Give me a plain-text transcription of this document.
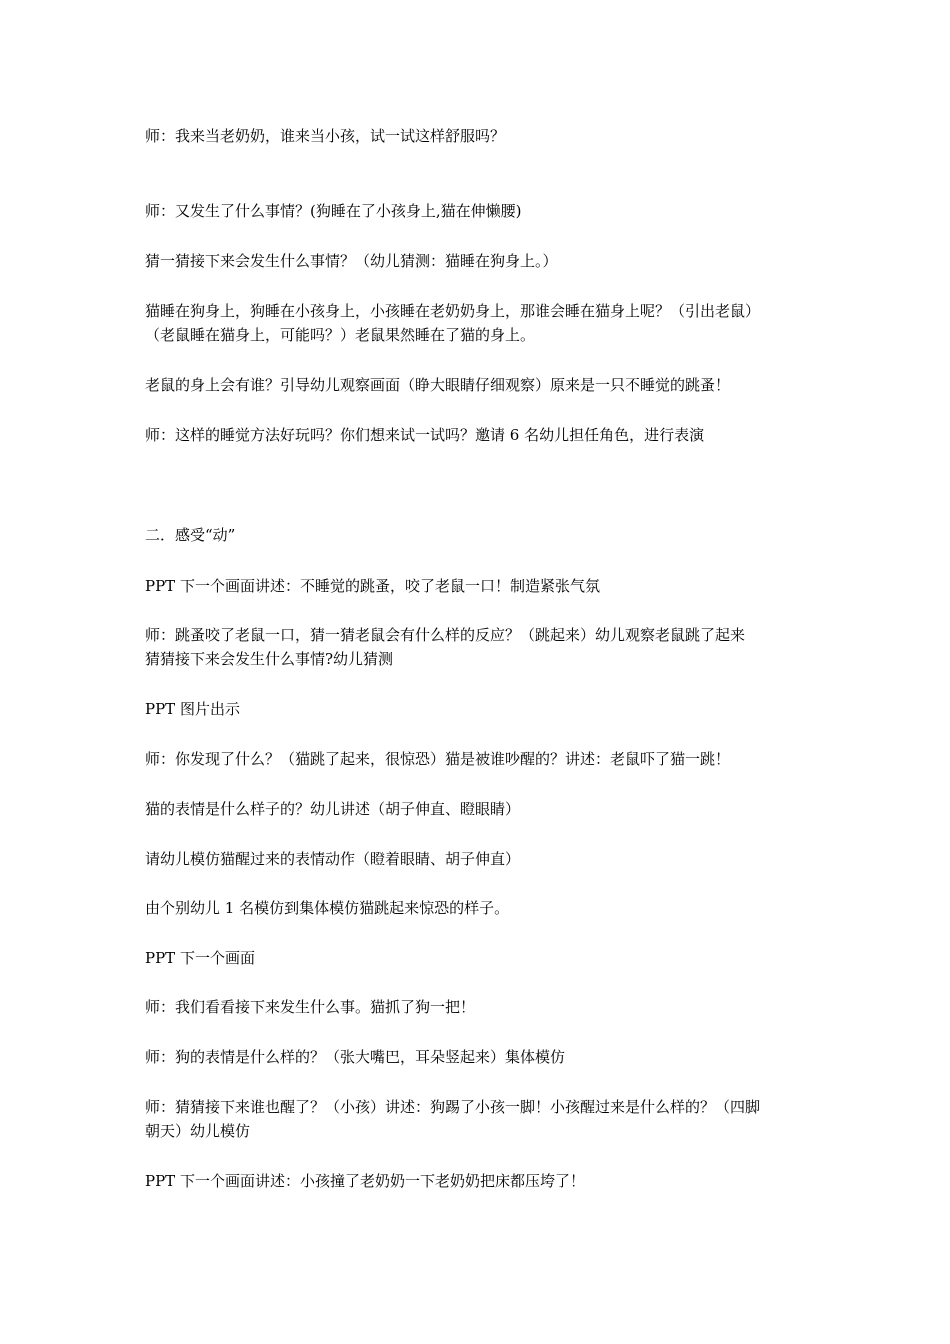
师：我来当老奶奶，谁来当小孩，试一试这样舒服吗？
师：又发生了什么事情？(狗睡在了小孩身上,猫在伸懒腰)
猜一猜接下来会发生什么事情？（幼儿猜测：猫睡在狗身上。）
猫睡在狗身上，狗睡在小孩身上，小孩睡在老奶奶身上，那谁会睡在猫身上呢？（引出老鼠）
（老鼠睡在猫身上，可能吗？）老鼠果然睡在了猫的身上。
老鼠的身上会有谁？引导幼儿观察画面（睁大眼睛仔细观察）原来是一只不睡觉的跳蚤！
师：这样的睡觉方法好玩吗？你们想来试一试吗？邀请 6 名幼儿担任角色，进行表演
二．感受“动”
PPT 下一个画面讲述：不睡觉的跳蚤，咬了老鼠一口！制造紧张气氛
师：跳蚤咬了老鼠一口，猜一猜老鼠会有什么样的反应？（跳起来）幼儿观察老鼠跳了起来
猜猜接下来会发生什么事情?幼儿猜测
PPT 图片出示
师：你发现了什么？（猫跳了起来，很惊恐）猫是被谁吵醒的？讲述：老鼠吓了猫一跳！
猫的表情是什么样子的？幼儿讲述（胡子伸直、瞪眼睛）
请幼儿模仿猫醒过来的表情动作（瞪着眼睛、胡子伸直）
由个别幼儿 1 名模仿到集体模仿猫跳起来惊恐的样子。
PPT 下一个画面
师：我们看看接下来发生什么事。猫抓了狗一把！
师：狗的表情是什么样的？（张大嘴巴，耳朵竖起来）集体模仿
师：猜猜接下来谁也醒了？（小孩）讲述：狗踢了小孩一脚！小孩醒过来是什么样的？（四脚
朝天）幼儿模仿
PPT 下一个画面讲述：小孩撞了老奶奶一下老奶奶把床都压垮了！
